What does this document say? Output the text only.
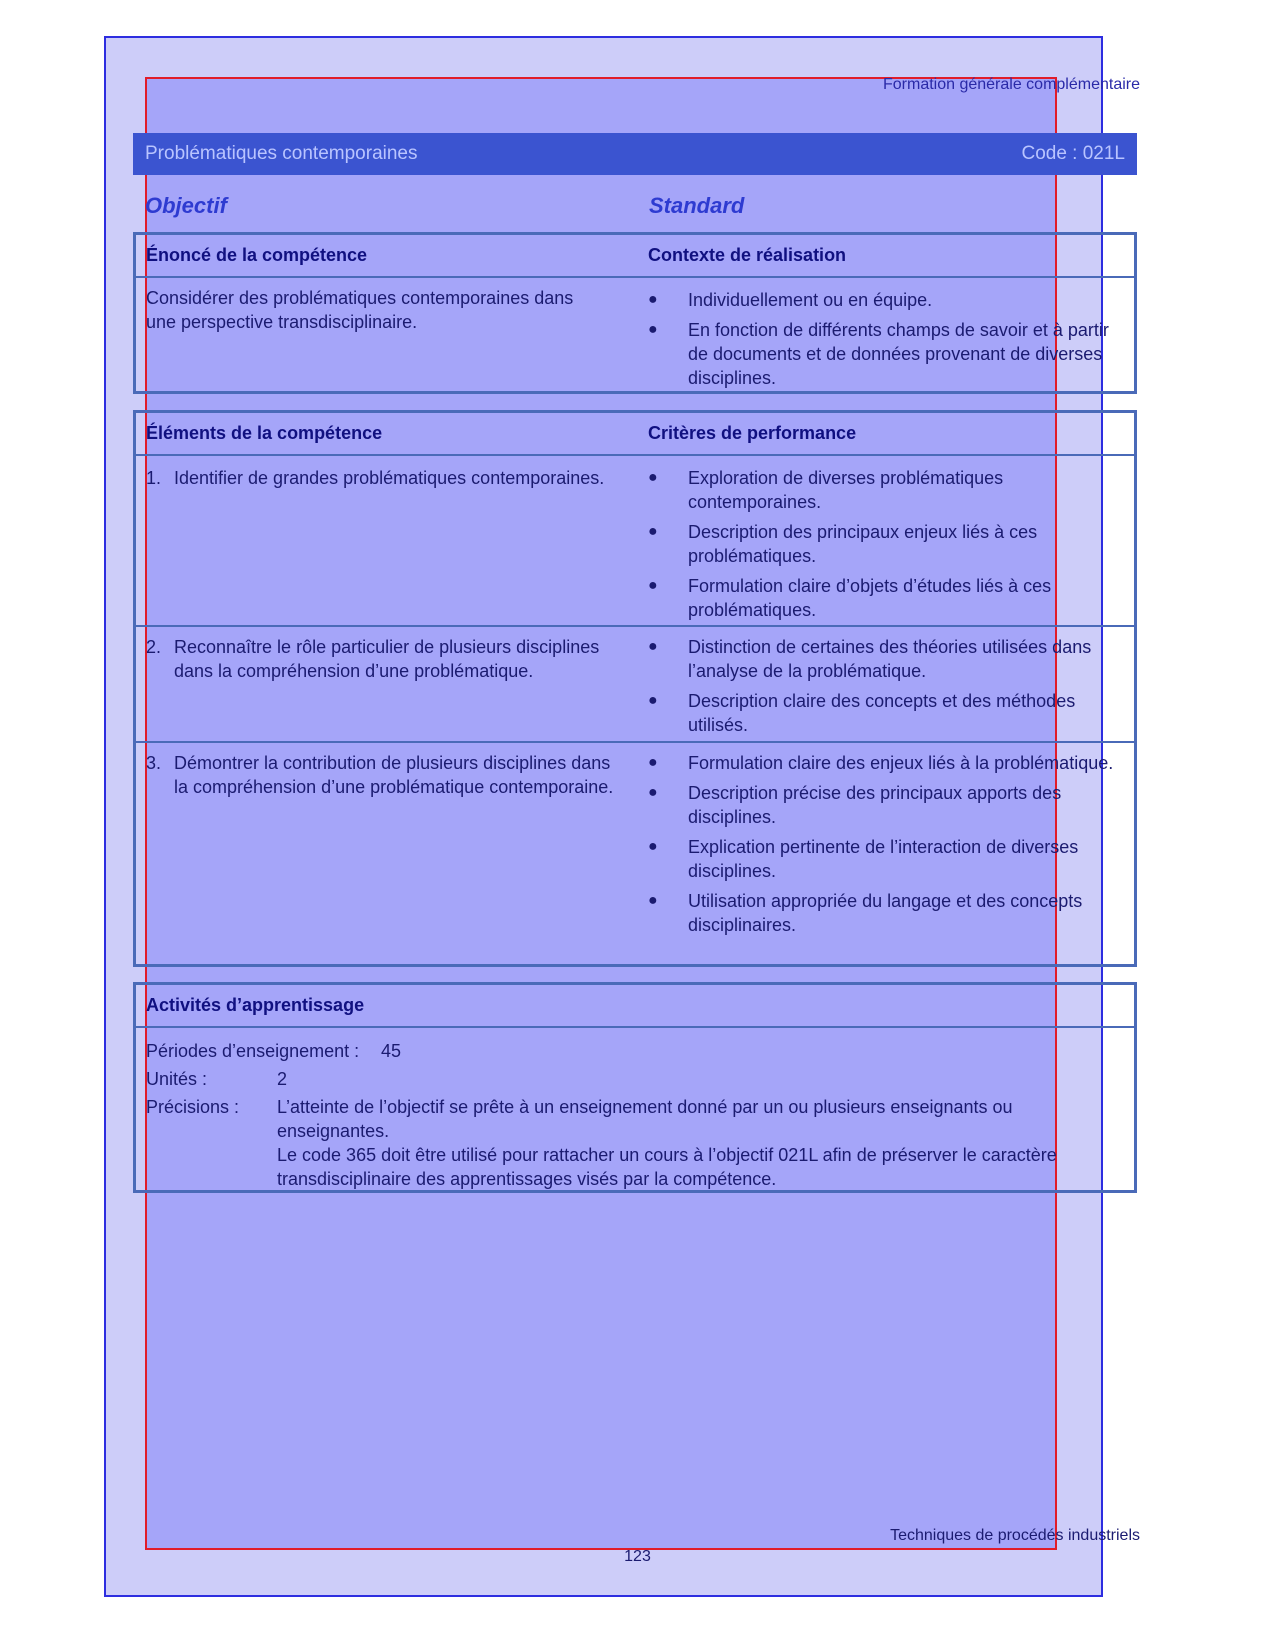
Formation générale complémentaire
Problématiques contemporaines	Code : 021L
Objectif	Standard
Énoncé de la compétence	Contexte de réalisation
Considérer des problématiques contemporaines dans une perspective transdisciplinaire.
●	Individuellement ou en équipe.
●	En fonction de différents champs de savoir et à partir de documents et de données provenant de diverses disciplines.
Éléments de la compétence	Critères de performance
1. Identifier de grandes problématiques contemporaines.	●	Exploration de diverses problématiques contemporaines.
●	Description des principaux enjeux liés à ces problématiques.
●	Formulation claire d’objets d’études liés à ces problématiques.
2. Reconnaître le rôle particulier de plusieurs disciplines dans la compréhension d’une problématique.
●	Distinction de certaines des théories utilisées dans l’analyse de la problématique.
●	Description claire des concepts et des méthodes utilisés.
3. Démontrer la contribution de plusieurs disciplines dans la compréhension d’une problématique contemporaine.
●	Formulation claire des enjeux liés à la problématique.
●	Description précise des principaux apports des disciplines.
●	Explication pertinente de l’interaction de diverses disciplines.
●	Utilisation appropriée du langage et des concepts disciplinaires.
Activités d’apprentissage
Périodes d’enseignement :	45
Unités :	2
Précisions :	L’atteinte de l’objectif se prête à un enseignement donné par un ou plusieurs enseignants ou enseignantes.
Le code 365 doit être utilisé pour rattacher un cours à l’objectif 021L afin de préserver le caractère transdisciplinaire des apprentissages visés par la compétence.
Techniques de procédés industriels
123
